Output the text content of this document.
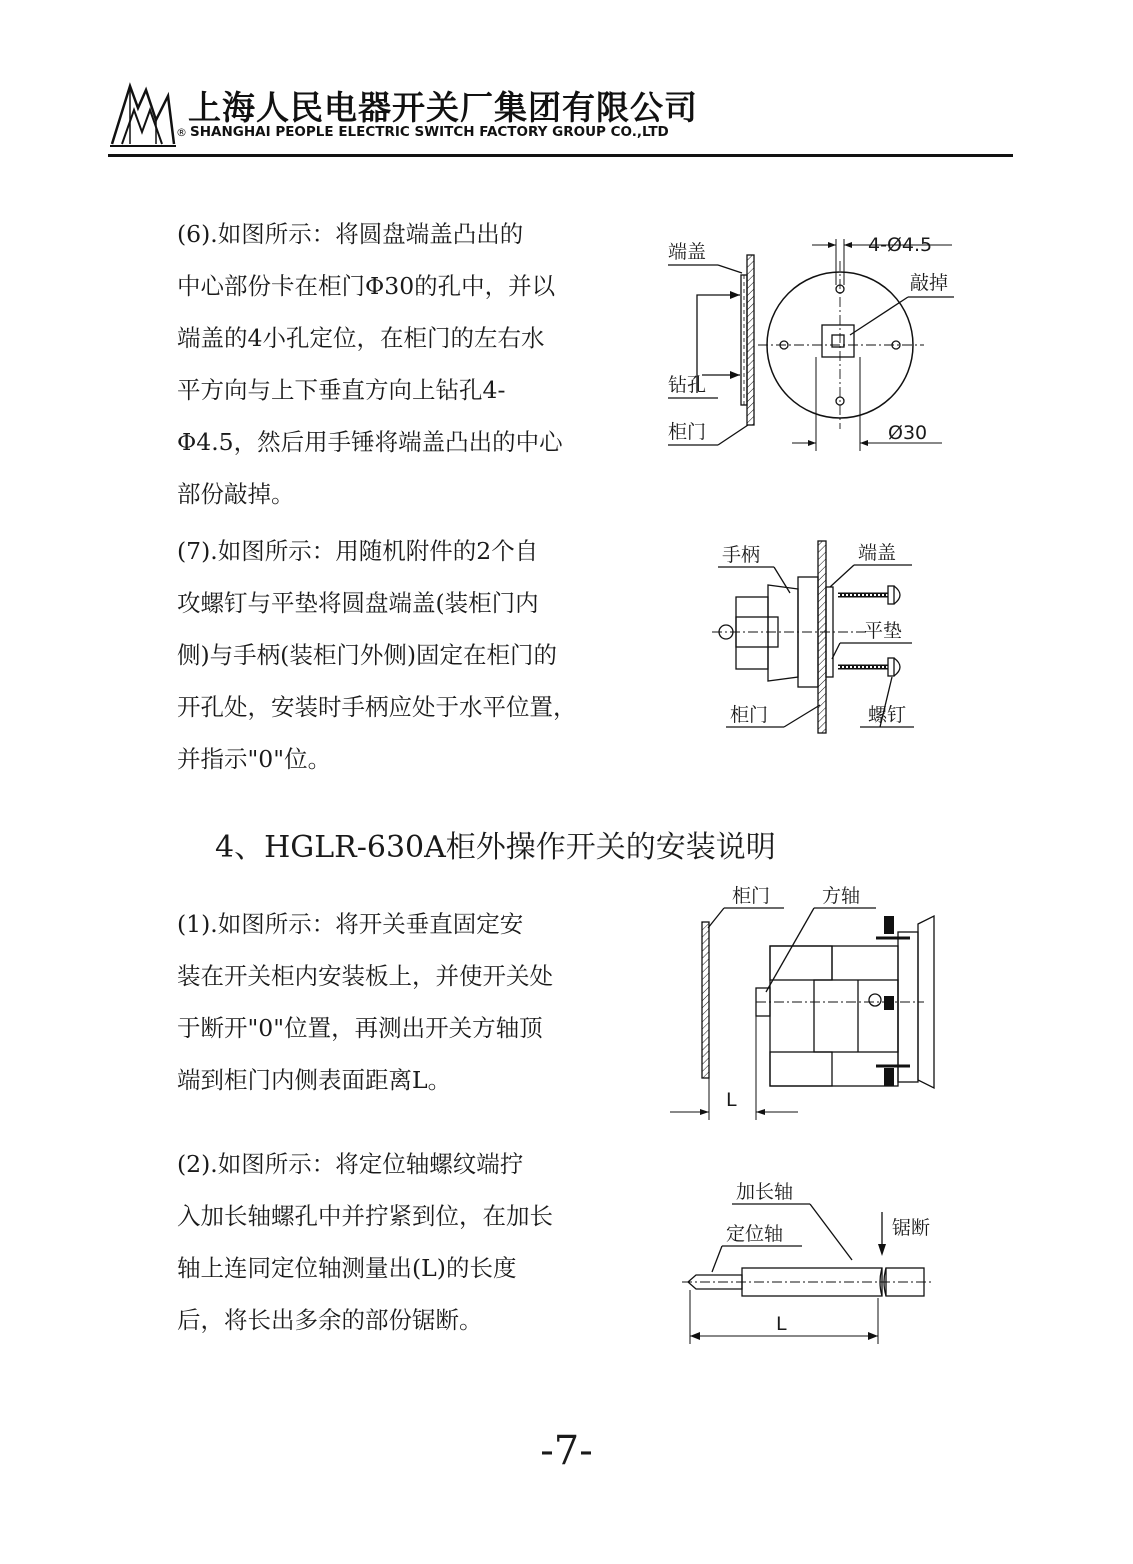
上海人民电器开关厂集团有限公司
® SHANGHAI PEOPLE ELECTRIC SWITCH FACTORY GROUP CO.,LTD

(6).如图所示：将圆盘端盖凸出的
中心部份卡在柜门Φ30的孔中，并以
端盖的4小孔定位，在柜门的左右水
平方向与上下垂直方向上钻孔4-
Φ4.5，然后用手锤将端盖凸出的中心
部份敲掉。

端盖
钻孔
柜门
4-Ø4.5
敲掉
Ø30

(7).如图所示：用随机附件的2个自
攻螺钉与平垫将圆盘端盖(装柜门内
侧)与手柄(装柜门外侧)固定在柜门的
开孔处，安装时手柄应处于水平位置，
并指示"0"位。

手柄	端盖
平垫
柜门	螺钉
4、HGLR-630A柜外操作开关的安装说明

(1).如图所示：将开关垂直固定安
装在开关柜内安装板上，并使开关处
于断开"0"位置，再测出开关方轴顶
端到柜门内侧表面距离L。

柜门	方轴
L

(2).如图所示：将定位轴螺纹端拧
入加长轴螺孔中并拧紧到位，在加长
轴上连同定位轴测量出(L)的长度
后，将长出多余的部份锯断。

加长轴
定位轴	锯断
L
-7-
